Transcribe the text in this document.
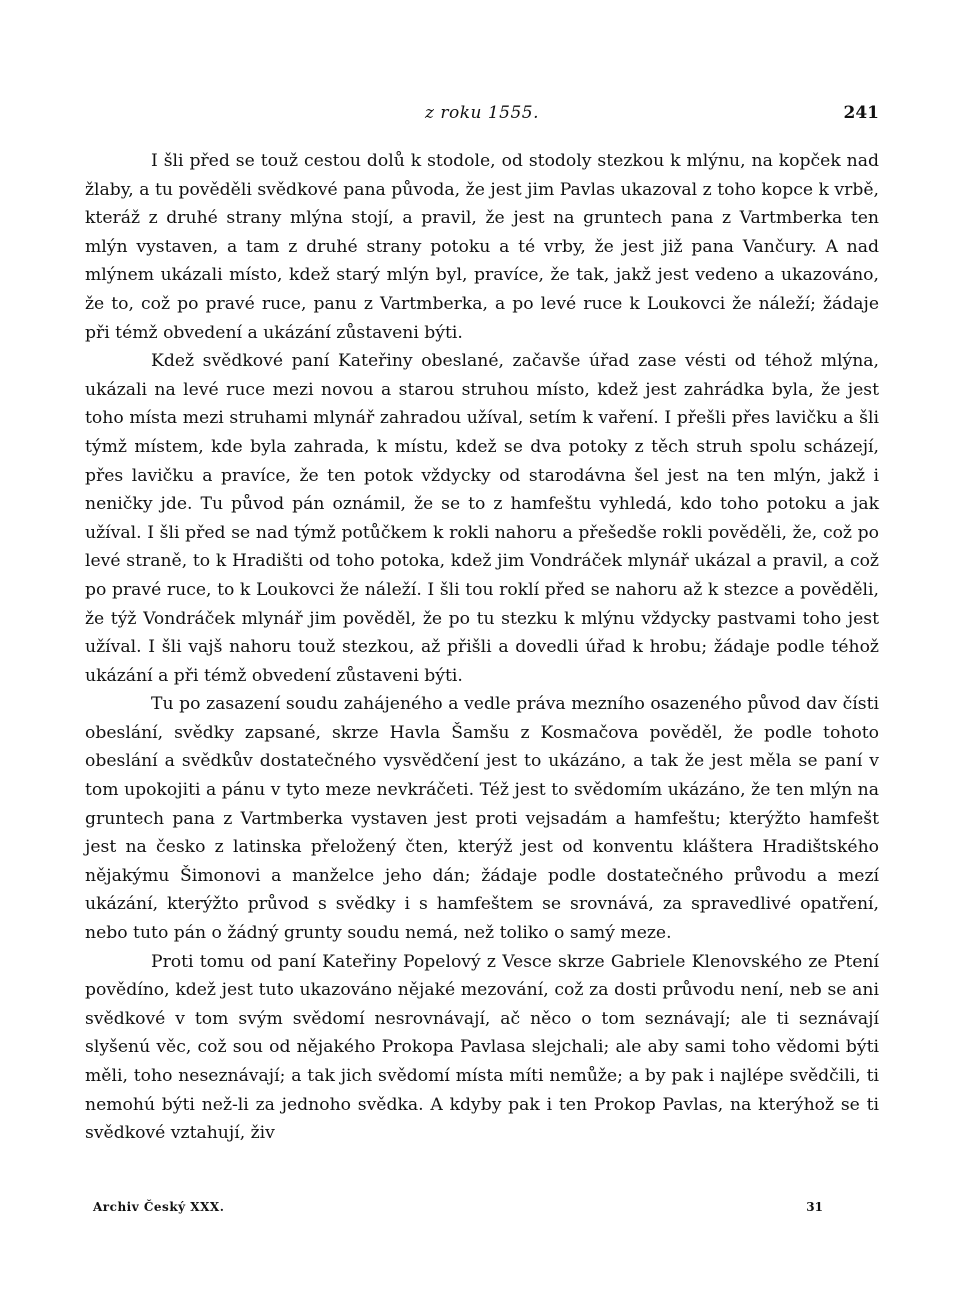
z roku 1555.	241

I šli před se touž cestou dolů k stodole, od stodoly stezkou k mlýnu, na kopček nad žlaby, a tu pověděli svědkové pana původa, že jest jim Pavlas ukazoval z toho kopce k vrbě, kteráž z druhé strany mlýna stojí, a pravil, že jest na gruntech pana z Vartmberka ten mlýn vystaven, a tam z druhé strany potoku a té vrby, že jest již pana Vančury. A nad mlýnem ukázali místo, kdež starý mlýn byl, pravíce, že tak, jakž jest vedeno a ukazováno, že to, což po pravé ruce, panu z Vartmberka, a po levé ruce k Loukovci že náleží; žádaje při témž obvedení a ukázání zůstaveni býti.

Kdež svědkové paní Kateřiny obeslané, začavše úřad zase vésti od téhož mlýna, ukázali na levé ruce mezi novou a starou struhou místo, kdež jest zahrádka byla, že jest toho místa mezi struhami mlynář zahradou užíval, setím k vaření. I přešli přes lavičku a šli týmž místem, kde byla zahrada, k místu, kdež se dva potoky z těch struh spolu scházejí, přes lavičku a pravíce, že ten potok vždycky od starodávna šel jest na ten mlýn, jakž i neničky jde. Tu původ pán oznámil, že se to z hamfeštu vyhledá, kdo toho potoku a jak užíval. I šli před se nad týmž potůčkem k rokli nahoru a přešedše rokli pověděli, že, což po levé straně, to k Hradišti od toho potoka, kdež jim Vondráček mlynář ukázal a pravil, a což po pravé ruce, to k Loukovci že náleží. I šli tou roklí před se nahoru až k stezce a pověděli, že týž Vondráček mlynář jim pověděl, že po tu stezku k mlýnu vždycky pastvami toho jest užíval. I šli vajš nahoru touž stezkou, až přišli a dovedli úřad k hrobu; žádaje podle téhož ukázání a při témž obvedení zůstaveni býti.

Tu po zasazení soudu zahájeného a vedle práva mezního osazeného původ dav čísti obeslání, svědky zapsané, skrze Havla Šamšu z Kosmačova pověděl, že podle tohoto obeslání a svědkův dostatečného vysvědčení jest to ukázáno, a tak že jest měla se paní v tom upokojiti a pánu v tyto meze nevkráčeti. Též jest to svědomím ukázáno, že ten mlýn na gruntech pana z Vartmberka vystaven jest proti vejsadám a hamfeštu; kterýžto hamfešt jest na česko z latinska přeložený čten, kterýž jest od konventu kláštera Hradištského nějakýmu Šimonovi a manželce jeho dán; žádaje podle dostatečného průvodu a mezí ukázání, kterýžto průvod s svědky i s hamfeštem se srovnává, za spravedlivé opatření, nebo tuto pán o žádný grunty soudu nemá, než toliko o samý meze.

Proti tomu od paní Kateřiny Popelový z Vesce skrze Gabriele Klenovského ze Ptení povědíno, kdež jest tuto ukazováno nějaké mezování, což za dosti průvodu není, neb se ani svědkové v tom svým svědomí nesrovnávají, ač něco o tom seznávají; ale ti seznávají slyšenú věc, což sou od nějakého Prokopa Pavlasa slejchali; ale aby sami toho vědomi býti měli, toho neseznávají; a tak jich svědomí místa míti nemůže; a by pak i najlépe svědčili, ti nemohú býti než-li za jednoho svědka. A kdyby pak i ten Prokop Pavlas, na kterýhož se ti svědkové vztahují, živ

Archiv Český XXX.	31
